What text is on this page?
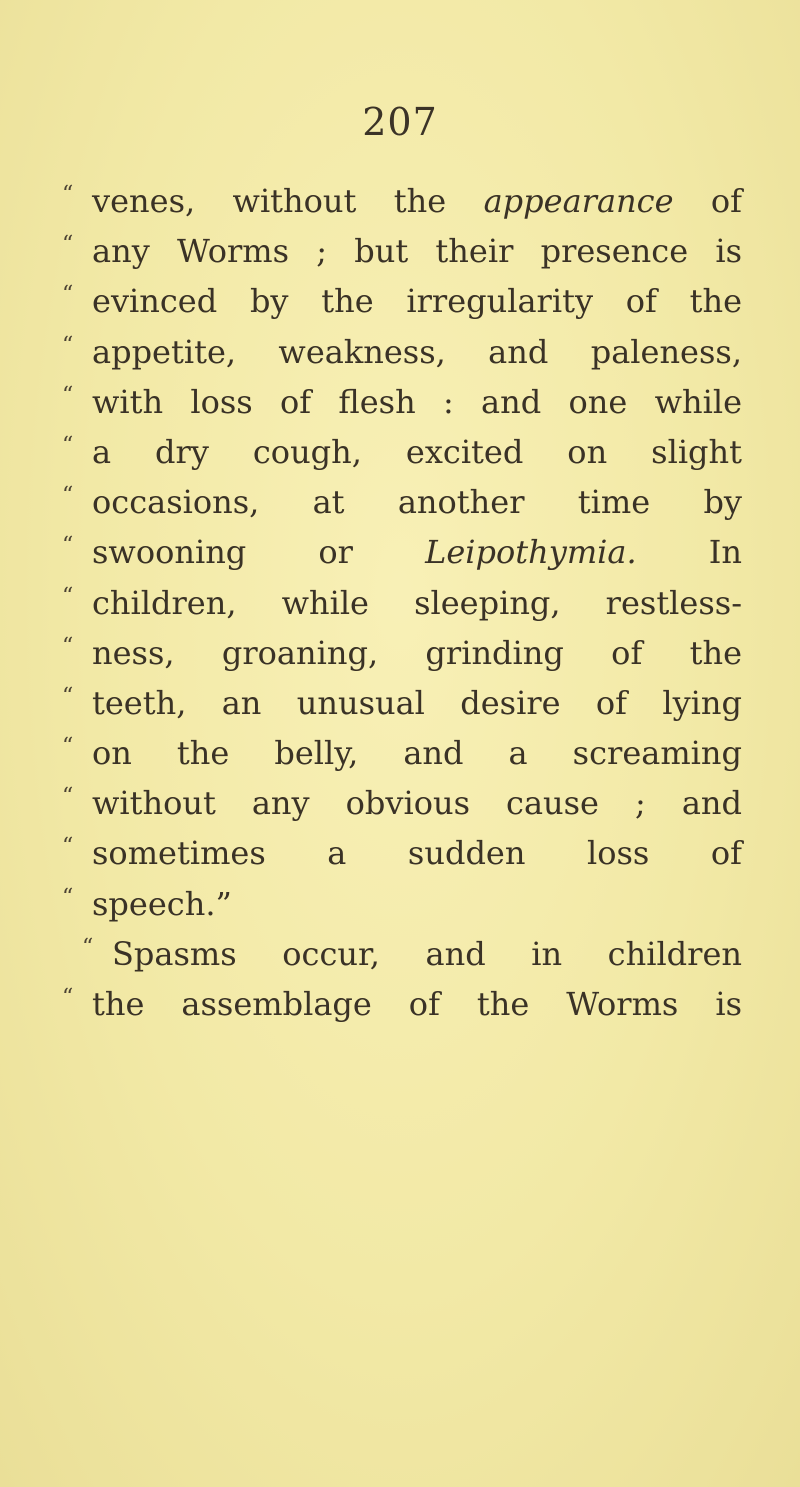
207
“ venes, without the appearance of
“ any Worms ; but their presence is
“ evinced by the irregularity of the
“ appetite, weakness, and paleness,
“ with loss of flesh : and one while
“ a dry cough, excited on slight
“ occasions, at another time by
“ swooning or Leipothymia. In
“ children, while sleeping, restless-
“ ness, groaning, grinding of the
“ teeth, an unusual desire of lying
“ on the belly, and a screaming
“ without any obvious cause ; and
“ sometimes a sudden loss of
“ speech.”
“ Spasms occur, and in children
“ the assemblage of the Worms is
